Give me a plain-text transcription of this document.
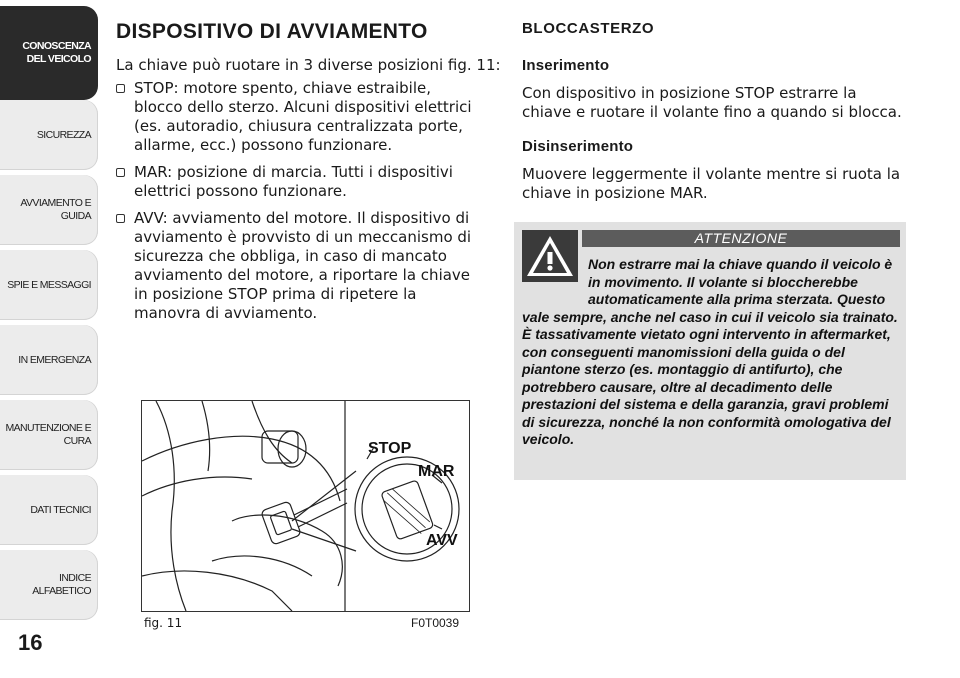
CONOSCENZA DEL VEICOLO
SICUREZZA
AVVIAMENTO E GUIDA
SPIE E MESSAGGI
IN EMERGENZA
MANUTENZIONE E CURA
DATI TECNICI
INDICE ALFABETICO
16
DISPOSITIVO DI AVVIAMENTO

La chiave può ruotare in 3 diverse posizioni fig. 11:

STOP: motore spento, chiave estraibile, blocco dello sterzo. Alcuni dispositivi elettrici (es. autoradio, chiusura centralizzata porte, allarme, ecc.) possono funzionare.
MAR: posizione di marcia. Tutti i dispositivi elettrici possono funzionare.
AVV: avviamento del motore. Il dispositivo di avviamento è provvisto di un meccanismo di sicurezza che obbliga, in caso di mancato avviamento del motore, a riportare la chiave in posizione STOP prima di ripetere la manovra di avviamento.
STOP
MAR
AVV
fig. 11	F0T0039
BLOCCASTERZO
Inserimento

Con dispositivo in posizione STOP estrarre la chiave e ruotare il volante fino a quando si blocca.

Disinserimento

Muovere leggermente il volante mentre si ruota la chiave in posizione MAR.

ATTENZIONE

Non estrarre mai la chiave quando il veicolo è in movimento. Il volante si bloccherebbe automaticamente alla prima sterzata. Questo vale sempre, anche nel caso in cui il veicolo sia trainato. È tassativamente vietato ogni intervento in aftermarket, con conseguenti manomissioni della guida o del piantone sterzo (es. montaggio di antifurto), che potrebbero causare, oltre al decadimento delle prestazioni del sistema e della garanzia, gravi problemi di sicurezza, nonché la non conformità omologativa del veicolo.
